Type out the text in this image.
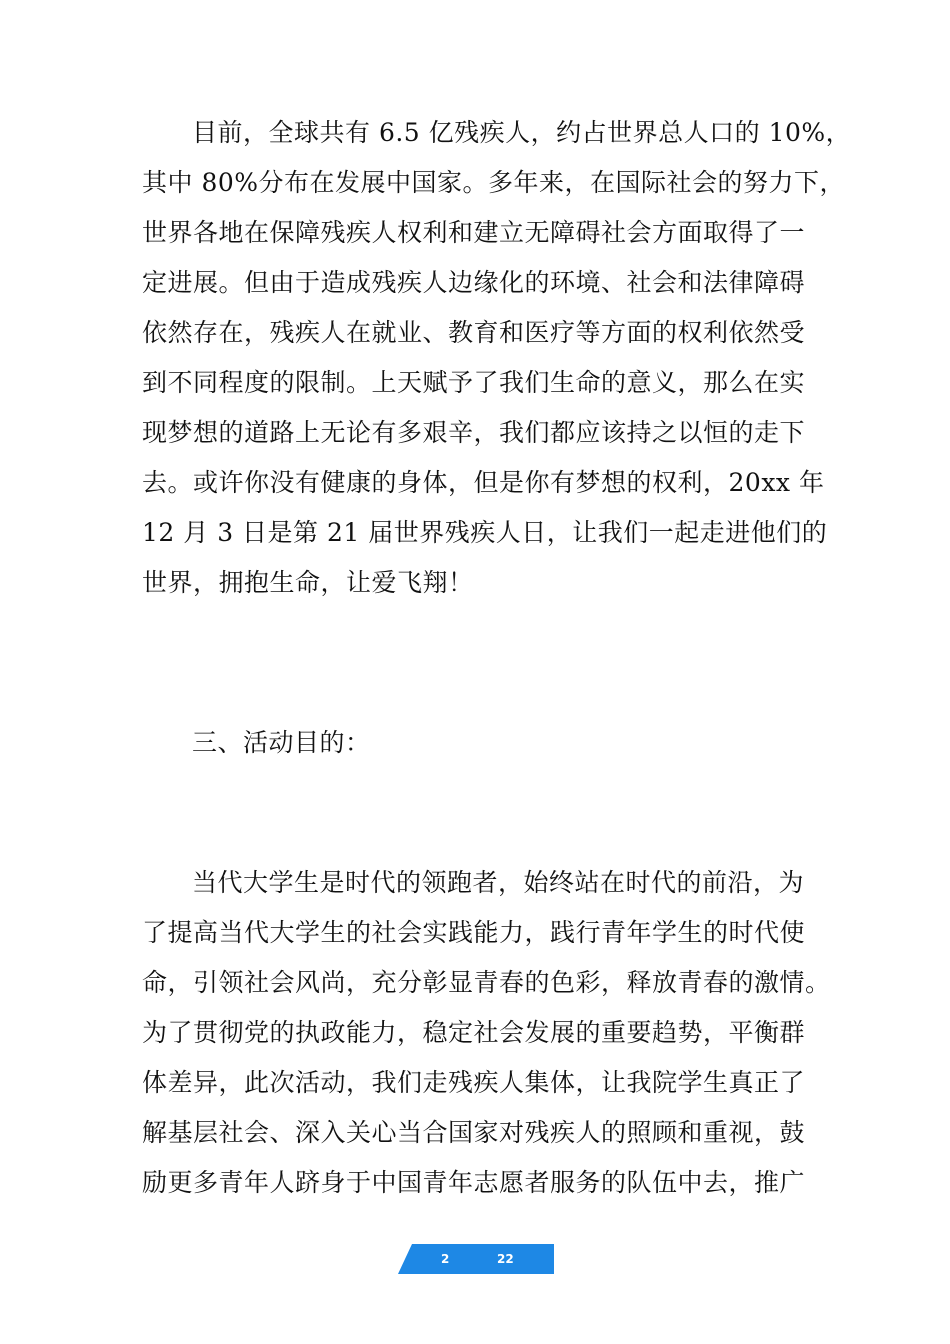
目前，全球共有 6.5 亿残疾人，约占世界总人口的 10%，
其中 80%分布在发展中国家。多年来，在国际社会的努力下，
世界各地在保障残疾人权利和建立无障碍社会方面取得了一
定进展。但由于造成残疾人边缘化的环境、社会和法律障碍
依然存在，残疾人在就业、教育和医疗等方面的权利依然受
到不同程度的限制。上天赋予了我们生命的意义，那么在实
现梦想的道路上无论有多艰辛，我们都应该持之以恒的走下
去。或许你没有健康的身体，但是你有梦想的权利，20xx 年
12 月 3 日是第 21 届世界残疾人日，让我们一起走进他们的
世界，拥抱生命，让爱飞翔！
三、活动目的：
当代大学生是时代的领跑者，始终站在时代的前沿，为
了提高当代大学生的社会实践能力，践行青年学生的时代使
命，引领社会风尚，充分彰显青春的色彩，释放青春的激情。
为了贯彻党的执政能力，稳定社会发展的重要趋势，平衡群
体差异，此次活动，我们走残疾人集体，让我院学生真正了
解基层社会、深入关心当合国家对残疾人的照顾和重视，鼓
励更多青年人跻身于中国青年志愿者服务的队伍中去，推广
2	22
